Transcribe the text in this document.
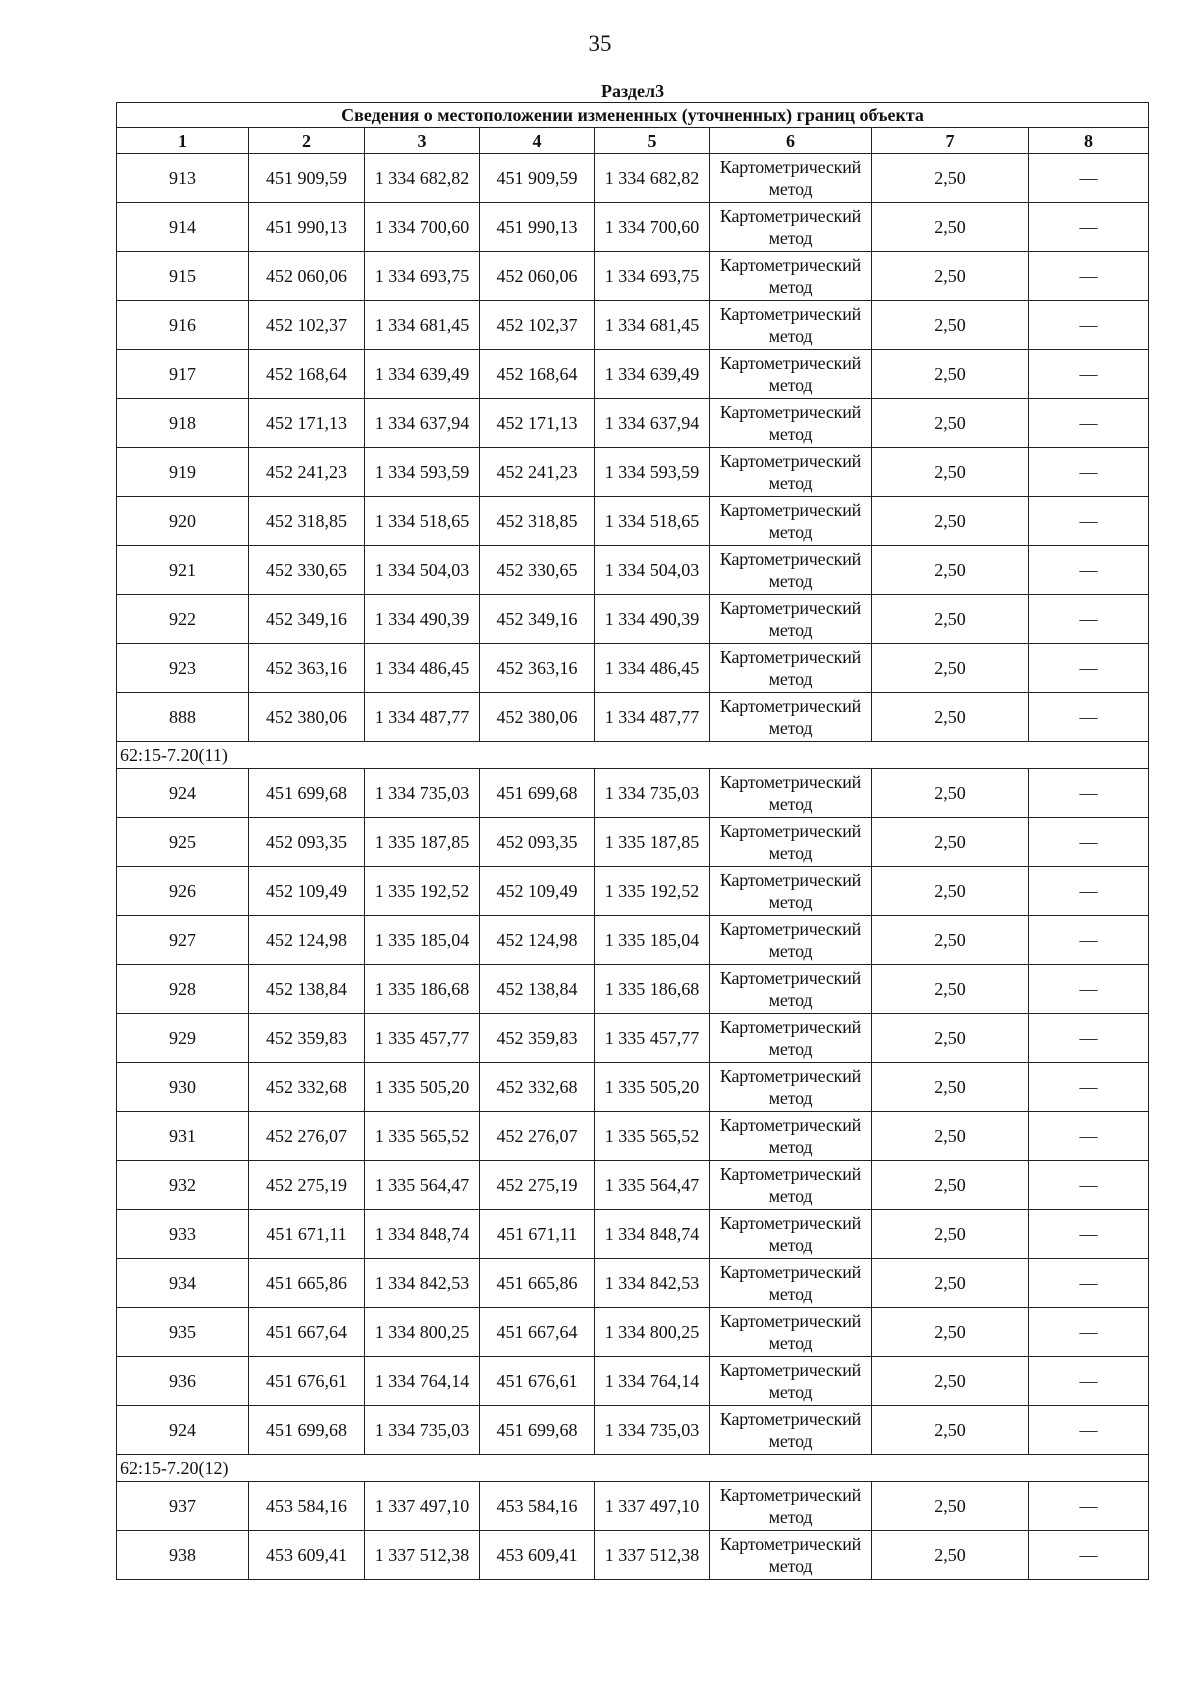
35
Раздел3							
Сведения о местоположении измененных (уточненных) границ объекта							
1	2	3	4	5	6	7	8
913	451 909,59	1 334 682,82	451 909,59	1 334 682,82	Картометрический метод	2,50	—
914	451 990,13	1 334 700,60	451 990,13	1 334 700,60	Картометрический метод	2,50	—
915	452 060,06	1 334 693,75	452 060,06	1 334 693,75	Картометрический метод	2,50	—
916	452 102,37	1 334 681,45	452 102,37	1 334 681,45	Картометрический метод	2,50	—
917	452 168,64	1 334 639,49	452 168,64	1 334 639,49	Картометрический метод	2,50	—
918	452 171,13	1 334 637,94	452 171,13	1 334 637,94	Картометрический метод	2,50	—
919	452 241,23	1 334 593,59	452 241,23	1 334 593,59	Картометрический метод	2,50	—
920	452 318,85	1 334 518,65	452 318,85	1 334 518,65	Картометрический метод	2,50	—
921	452 330,65	1 334 504,03	452 330,65	1 334 504,03	Картометрический метод	2,50	—
922	452 349,16	1 334 490,39	452 349,16	1 334 490,39	Картометрический метод	2,50	—
923	452 363,16	1 334 486,45	452 363,16	1 334 486,45	Картометрический метод	2,50	—
888	452 380,06	1 334 487,77	452 380,06	1 334 487,77	Картометрический метод	2,50	—
62:15-7.20(11)							
924	451 699,68	1 334 735,03	451 699,68	1 334 735,03	Картометрический метод	2,50	—
925	452 093,35	1 335 187,85	452 093,35	1 335 187,85	Картометрический метод	2,50	—
926	452 109,49	1 335 192,52	452 109,49	1 335 192,52	Картометрический метод	2,50	—
927	452 124,98	1 335 185,04	452 124,98	1 335 185,04	Картометрический метод	2,50	—
928	452 138,84	1 335 186,68	452 138,84	1 335 186,68	Картометрический метод	2,50	—
929	452 359,83	1 335 457,77	452 359,83	1 335 457,77	Картометрический метод	2,50	—
930	452 332,68	1 335 505,20	452 332,68	1 335 505,20	Картометрический метод	2,50	—
931	452 276,07	1 335 565,52	452 276,07	1 335 565,52	Картометрический метод	2,50	—
932	452 275,19	1 335 564,47	452 275,19	1 335 564,47	Картометрический метод	2,50	—
933	451 671,11	1 334 848,74	451 671,11	1 334 848,74	Картометрический метод	2,50	—
934	451 665,86	1 334 842,53	451 665,86	1 334 842,53	Картометрический метод	2,50	—
935	451 667,64	1 334 800,25	451 667,64	1 334 800,25	Картометрический метод	2,50	—
936	451 676,61	1 334 764,14	451 676,61	1 334 764,14	Картометрический метод	2,50	—
924	451 699,68	1 334 735,03	451 699,68	1 334 735,03	Картометрический метод	2,50	—
62:15-7.20(12)							
937	453 584,16	1 337 497,10	453 584,16	1 337 497,10	Картометрический метод	2,50	—
938	453 609,41	1 337 512,38	453 609,41	1 337 512,38	Картометрический метод	2,50	—
